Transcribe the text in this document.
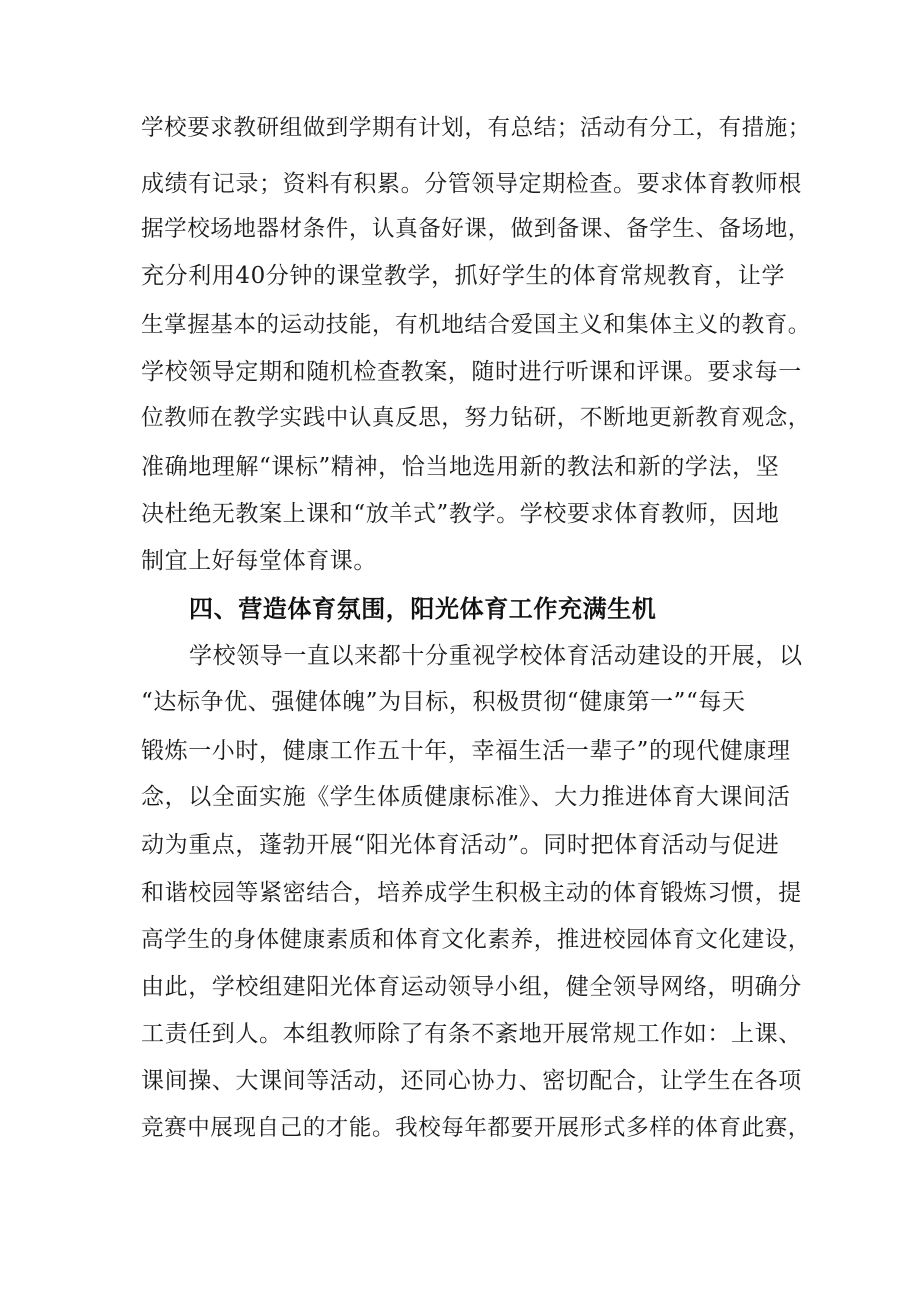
学校要求教研组做到学期有计划，有总结；活动有分工，有措施；
成绩有记录；资料有积累。分管领导定期检查。要求体育教师根
据学校场地器材条件，认真备好课，做到备课、备学生、备场地，
充分利用40分钟的课堂教学，抓好学生的体育常规教育，让学
生掌握基本的运动技能，有机地结合爱国主义和集体主义的教育。
学校领导定期和随机检查教案，随时进行听课和评课。要求每一
位教师在教学实践中认真反思，努力钻研，不断地更新教育观念，
准确地理解“课标”精神，恰当地选用新的教法和新的学法，坚
决杜绝无教案上课和“放羊式”教学。学校要求体育教师，因地
制宜上好每堂体育课。
四、营造体育氛围，阳光体育工作充满生机
学校领导一直以来都十分重视学校体育活动建设的开展，以
“达标争优、强健体魄”为目标，积极贯彻“健康第一”“每天
锻炼一小时，健康工作五十年，幸福生活一辈子”的现代健康理
念，以全面实施《学生体质健康标准》、大力推进体育大课间活
动为重点，蓬勃开展“阳光体育活动”。同时把体育活动与促进
和谐校园等紧密结合，培养成学生积极主动的体育锻炼习惯，提
高学生的身体健康素质和体育文化素养，推进校园体育文化建设，
由此，学校组建阳光体育运动领导小组，健全领导网络，明确分
工责任到人。本组教师除了有条不紊地开展常规工作如：上课、
课间操、大课间等活动，还同心协力、密切配合，让学生在各项
竞赛中展现自己的才能。我校每年都要开展形式多样的体育此赛，
